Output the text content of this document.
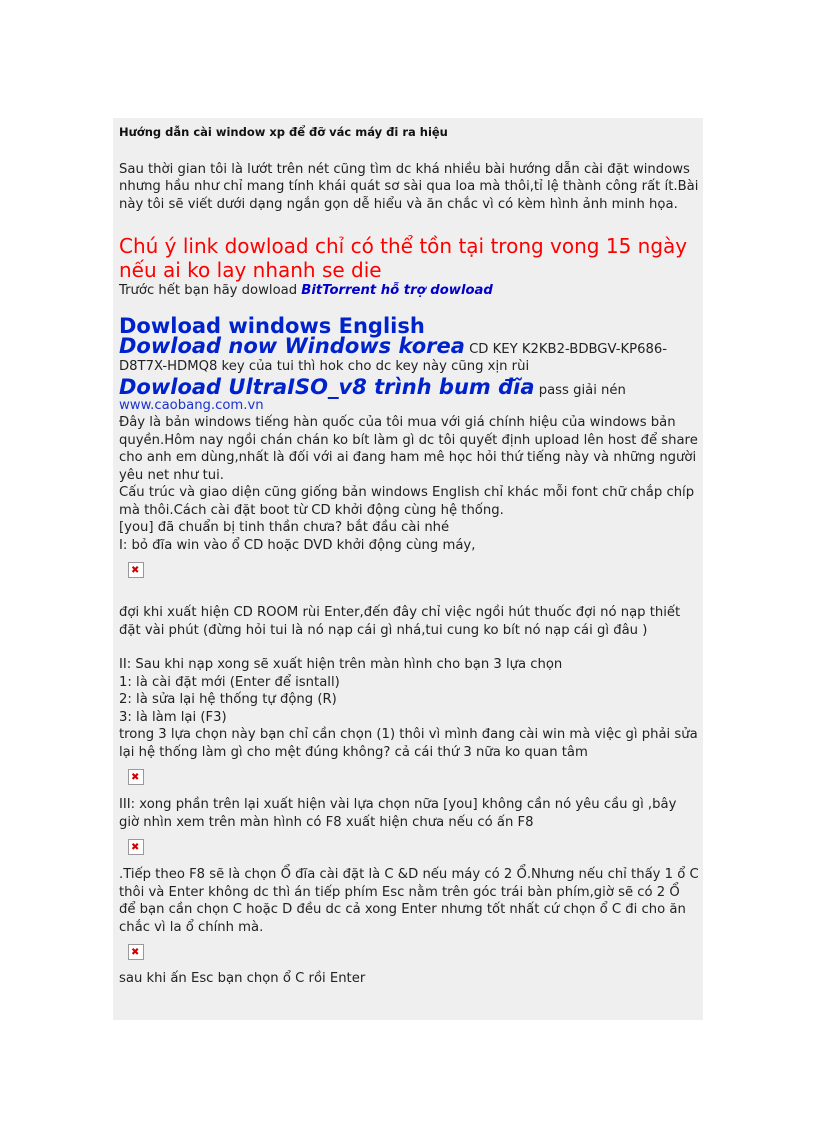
Hướng dẫn cài window xp để đỡ vác máy đi ra hiệu

Sau thời gian tôi là lướt trên nét cũng tìm dc khá nhiều bài hướng dẫn cài đặt windows nhưng hầu như chỉ mang tính khái quát sơ sài qua loa mà thôi,tỉ lệ thành công rất ít.Bài này tôi sẽ viết dưới dạng ngắn gọn dễ hiểu và ăn chắc vì có kèm hình ảnh minh họa.

Chú ý link dowload chỉ có thể tồn tại trong vong 15 ngày nếu ai ko lay nhanh se die

Trước hết bạn hãy dowload BitTorrent hỗ trợ dowload

Dowload windows English

Dowload now Windows korea CD KEY K2KB2-BDBGV-KP686-D8T7X-HDMQ8 key của tui thì hok cho dc key này cũng xịn rùi

Dowload UltraISO_v8 trình bum đĩa pass giải nén

www.caobang.com.vn

Đây là bản windows tiếng hàn quốc của tôi mua với giá chính hiệu của windows bản quyền.Hôm nay ngồi chán chán ko bít làm gì dc tôi quyết định upload lên host để share cho anh em dùng,nhất là đối với ai đang ham mê học hỏi thứ tiếng này và những người yêu net như tui.

Cấu trúc và giao diện cũng giống bản windows English chỉ khác mỗi font chữ chắp chíp mà thôi.Cách cài đặt boot từ CD khởi động cùng hệ thống.

[you] đã chuẩn bị tinh thần chưa? bắt đầu cài nhé

I: bỏ đĩa win vào ổ CD hoặc DVD khởi động cùng máy,

✖

đợi khi xuất hiện CD ROOM rùi Enter,đến đây chỉ việc ngồi hút thuốc đợi nó nạp thiết đặt vài phút (đừng hỏi tui là nó nạp cái gì nhá,tui cung ko bít nó nạp cái gì đâu )

II: Sau khi nạp xong sẽ xuất hiện trên màn hình cho bạn 3 lựa chọn

1: là cài đặt mới (Enter để isntall)

2: là sửa lại hệ thống tự động (R)

3: là làm lại (F3)

trong 3 lựa chọn này bạn chỉ cần chọn (1) thôi vì mình đang cài win mà việc gì phải sửa lại hệ thống làm gì cho mệt đúng không? cả cái thứ 3 nữa ko quan tâm

✖

III: xong phần trên lại xuất hiện vài lựa chọn nữa [you] không cần nó yêu cầu gì ,bây giờ nhìn xem trên màn hình có F8 xuất hiện chưa nếu có ấn F8

✖

.Tiếp theo F8 sẽ là chọn Ổ đĩa cài đặt là C &D nếu máy có 2 Ổ.Nhưng nếu chỉ thấy 1 ổ C thôi và Enter không dc thì án tiếp phím Esc nằm trên góc trái bàn phím,giờ sẽ có 2 Ổ để bạn cần chọn C hoặc D đều dc cả xong Enter nhưng tốt nhất cứ chọn ổ C đi cho ăn chắc vì la ổ chính mà.

✖

sau khi ấn Esc bạn chọn ổ C rồi Enter
